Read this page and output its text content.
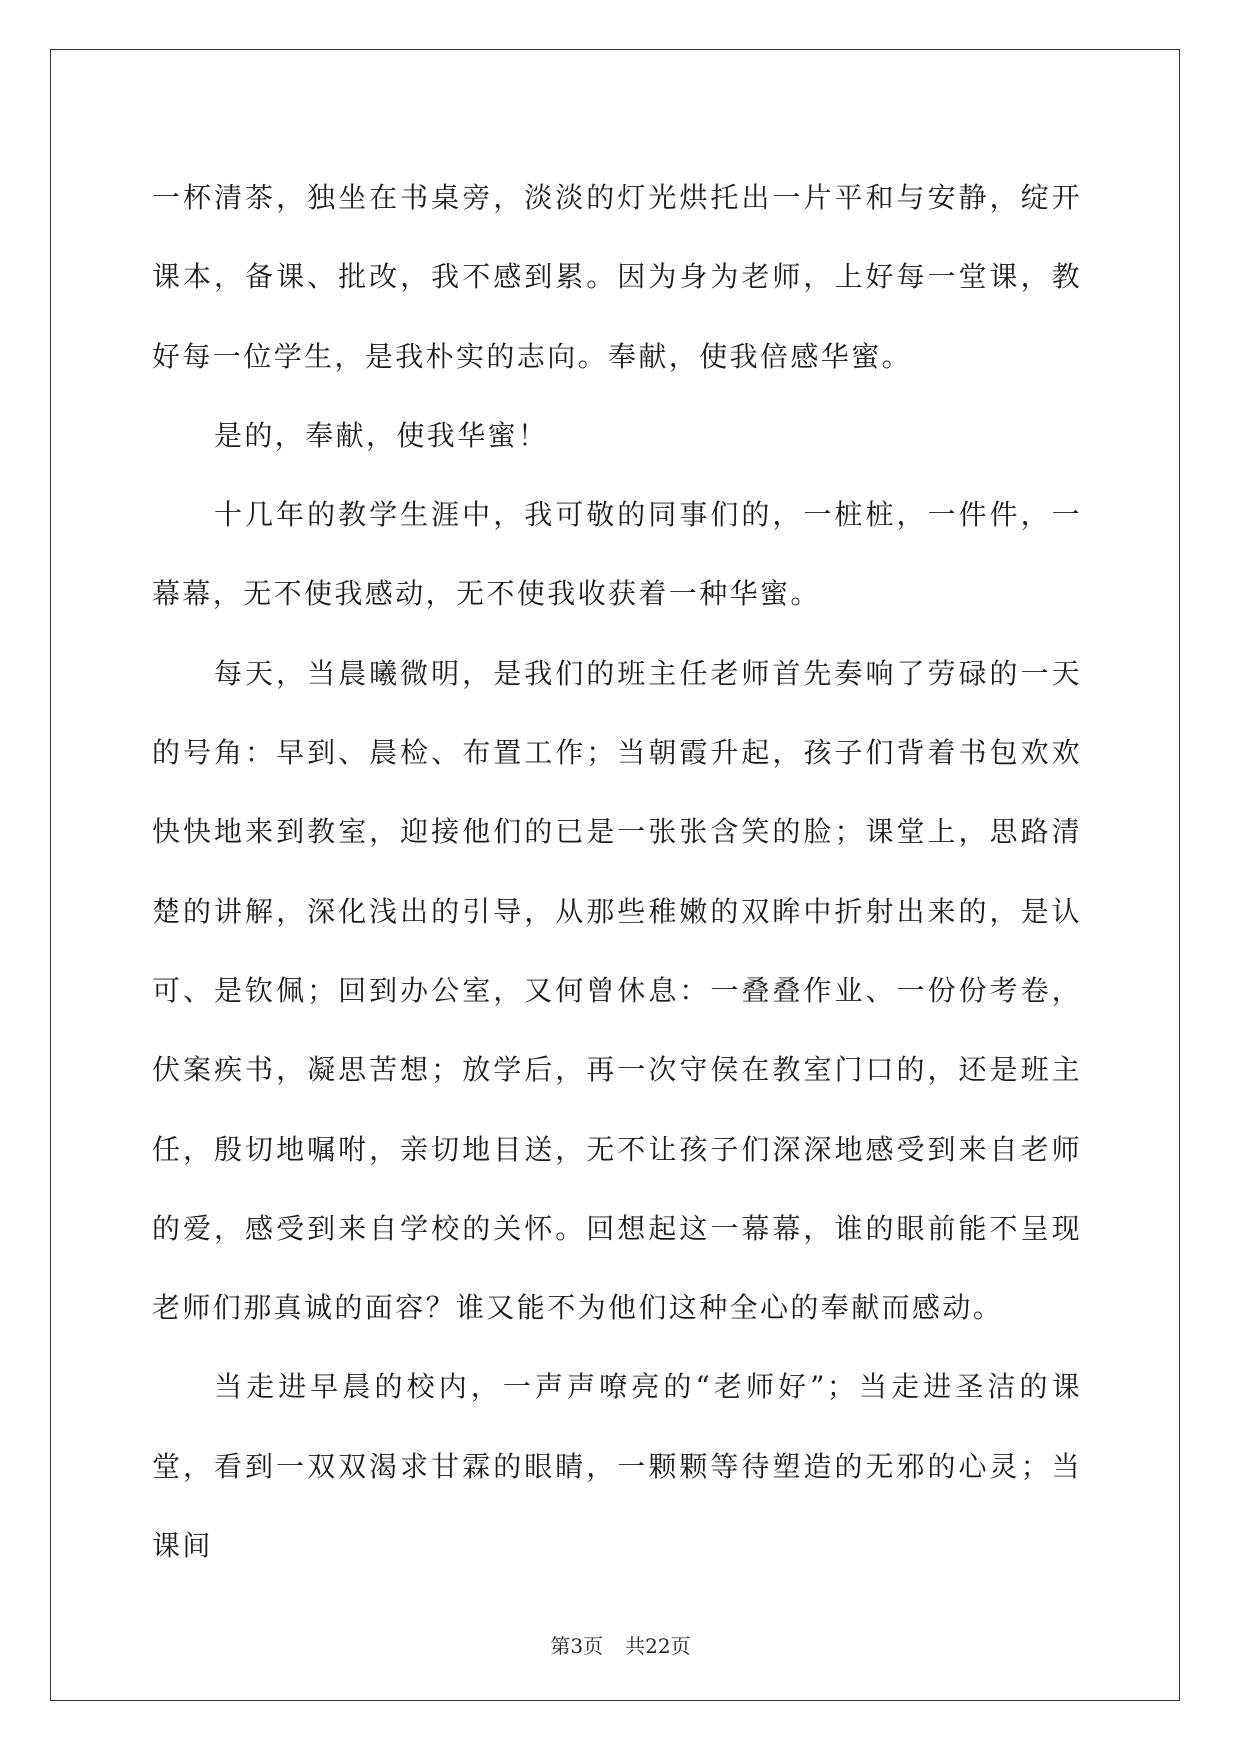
一杯清茶，独坐在书桌旁，淡淡的灯光烘托出一片平和与安静，绽开课本，备课、批改，我不感到累。因为身为老师，上好每一堂课，教好每一位学生，是我朴实的志向。奉献，使我倍感华蜜。

是的，奉献，使我华蜜！

十几年的教学生涯中，我可敬的同事们的，一桩桩，一件件，一幕幕，无不使我感动，无不使我收获着一种华蜜。

每天，当晨曦微明，是我们的班主任老师首先奏响了劳碌的一天的号角：早到、晨检、布置工作；当朝霞升起，孩子们背着书包欢欢快快地来到教室，迎接他们的已是一张张含笑的脸；课堂上，思路清楚的讲解，深化浅出的引导，从那些稚嫩的双眸中折射出来的，是认可、是钦佩；回到办公室，又何曾休息：一叠叠作业、一份份考卷，伏案疾书，凝思苦想；放学后，再一次守侯在教室门口的，还是班主任，殷切地嘱咐，亲切地目送，无不让孩子们深深地感受到来自老师的爱，感受到来自学校的关怀。回想起这一幕幕，谁的眼前能不呈现老师们那真诚的面容？谁又能不为他们这种全心的奉献而感动。

当走进早晨的校内，一声声嘹亮的“老师好”；当走进圣洁的课堂，看到一双双渴求甘霖的眼睛，一颗颗等待塑造的无邪的心灵；当课间

第3页 共22页
